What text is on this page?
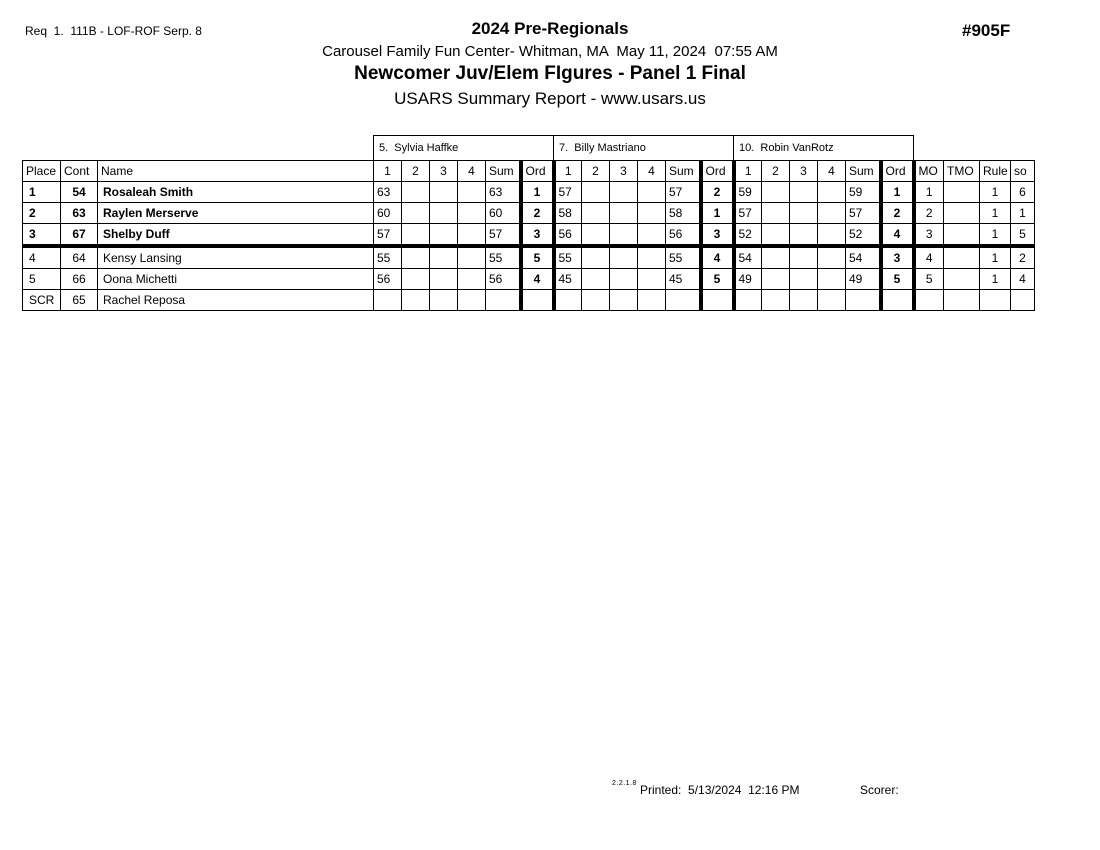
Req  1.  111B - LOF-ROF Serp. 8	#905F
2024 Pre-Regionals
Carousel Family Fun Center- Whitman, MA  May 11, 2024  07:55 AM
Newcomer Juv/Elem FIgures - Panel 1 Final
USARS Summary Report - www.usars.us
			5.  Sylvia Haffke						7.  Billy Mastriano						10.  Robin VanRotz									
Place	Cont	Name	1	2	3	4	Sum	Ord	1	2	3	4	Sum	Ord	1	2	3	4	Sum	Ord	MO	TMO	Rule	so
1	54	Rosaleah Smith	63				63	1	57				57	2	59				59	1	1		1	6
2	63	Raylen Merserve	60				60	2	58				58	1	57				57	2	2		1	1
3	67	Shelby Duff	57				57	3	56				56	3	52				52	4	3		1	5
4	64	Kensy Lansing	55				55	5	55				55	4	54				54	3	4		1	2
5	66	Oona Michetti	56				56	4	45				45	5	49				49	5	5		1	4
SCR	65	Rachel Reposa																						
2.2.1.8 Printed: 5/13/2024  12:16 PM	Scorer:
